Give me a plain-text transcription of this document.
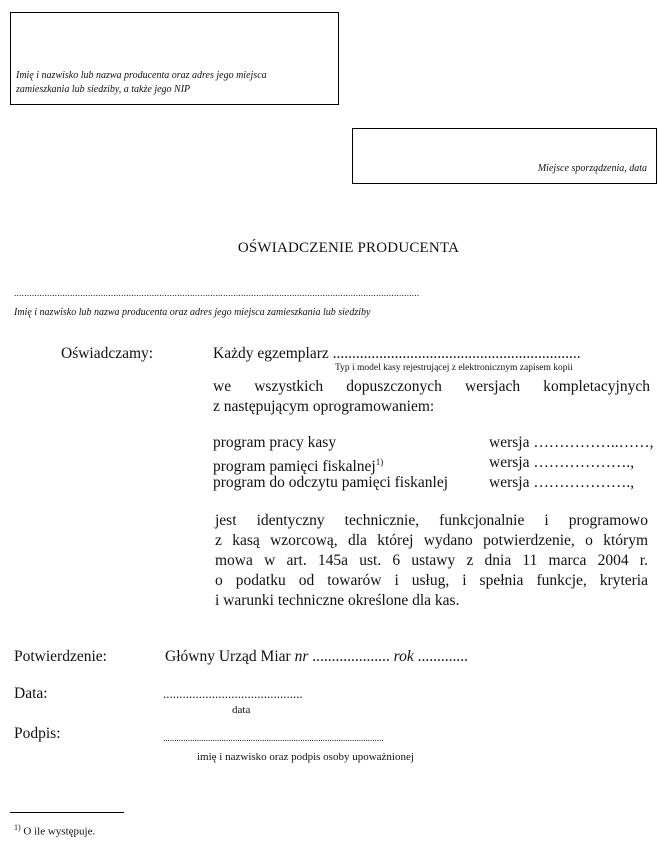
Imię i nazwisko lub nazwa producenta oraz adres jego miejsca
zamieszkania lub siedziby, a także jego NIP
Miejsce sporządzenia, data
OŚWIADCZENIE PRODUCENTA
...............................................................................................................................................................
Imię i nazwisko lub nazwa producenta oraz adres jego miejsca zamieszkania lub siedziby
Oświadczamy:	Każdy egzemplarz ................................................................
Typ i model kasy rejestrującej z elektronicznym zapisem kopii
we wszystkich dopuszczonych wersjach kompletacyjnych
z następującym oprogramowaniem:
program pracy kasy	wersja ……………..……,
program pamięci fiskalnej$^{1)}$	wersja ……………….,
program do odczytu pamięci fiskanlej	wersja ……………….,
jest identyczny technicznie, funkcjonalnie i programowo
z kasą wzorcową, dla której wydano potwierdzenie, o którym
mowa w art. 145a ust. 6 ustawy z dnia 11 marca 2004 r.
o podatku od towarów i usług, i spełnia funkcje, kryteria
i warunki techniczne określone dla kas.
Potwierdzenie:	Główny Urząd Miar nr .................... rok .............
Data:	...........................................
data
Podpis:	..................................................................................................
imię i nazwisko oraz podpis osoby upoważnionej
$^{1)}$ O ile występuje.
